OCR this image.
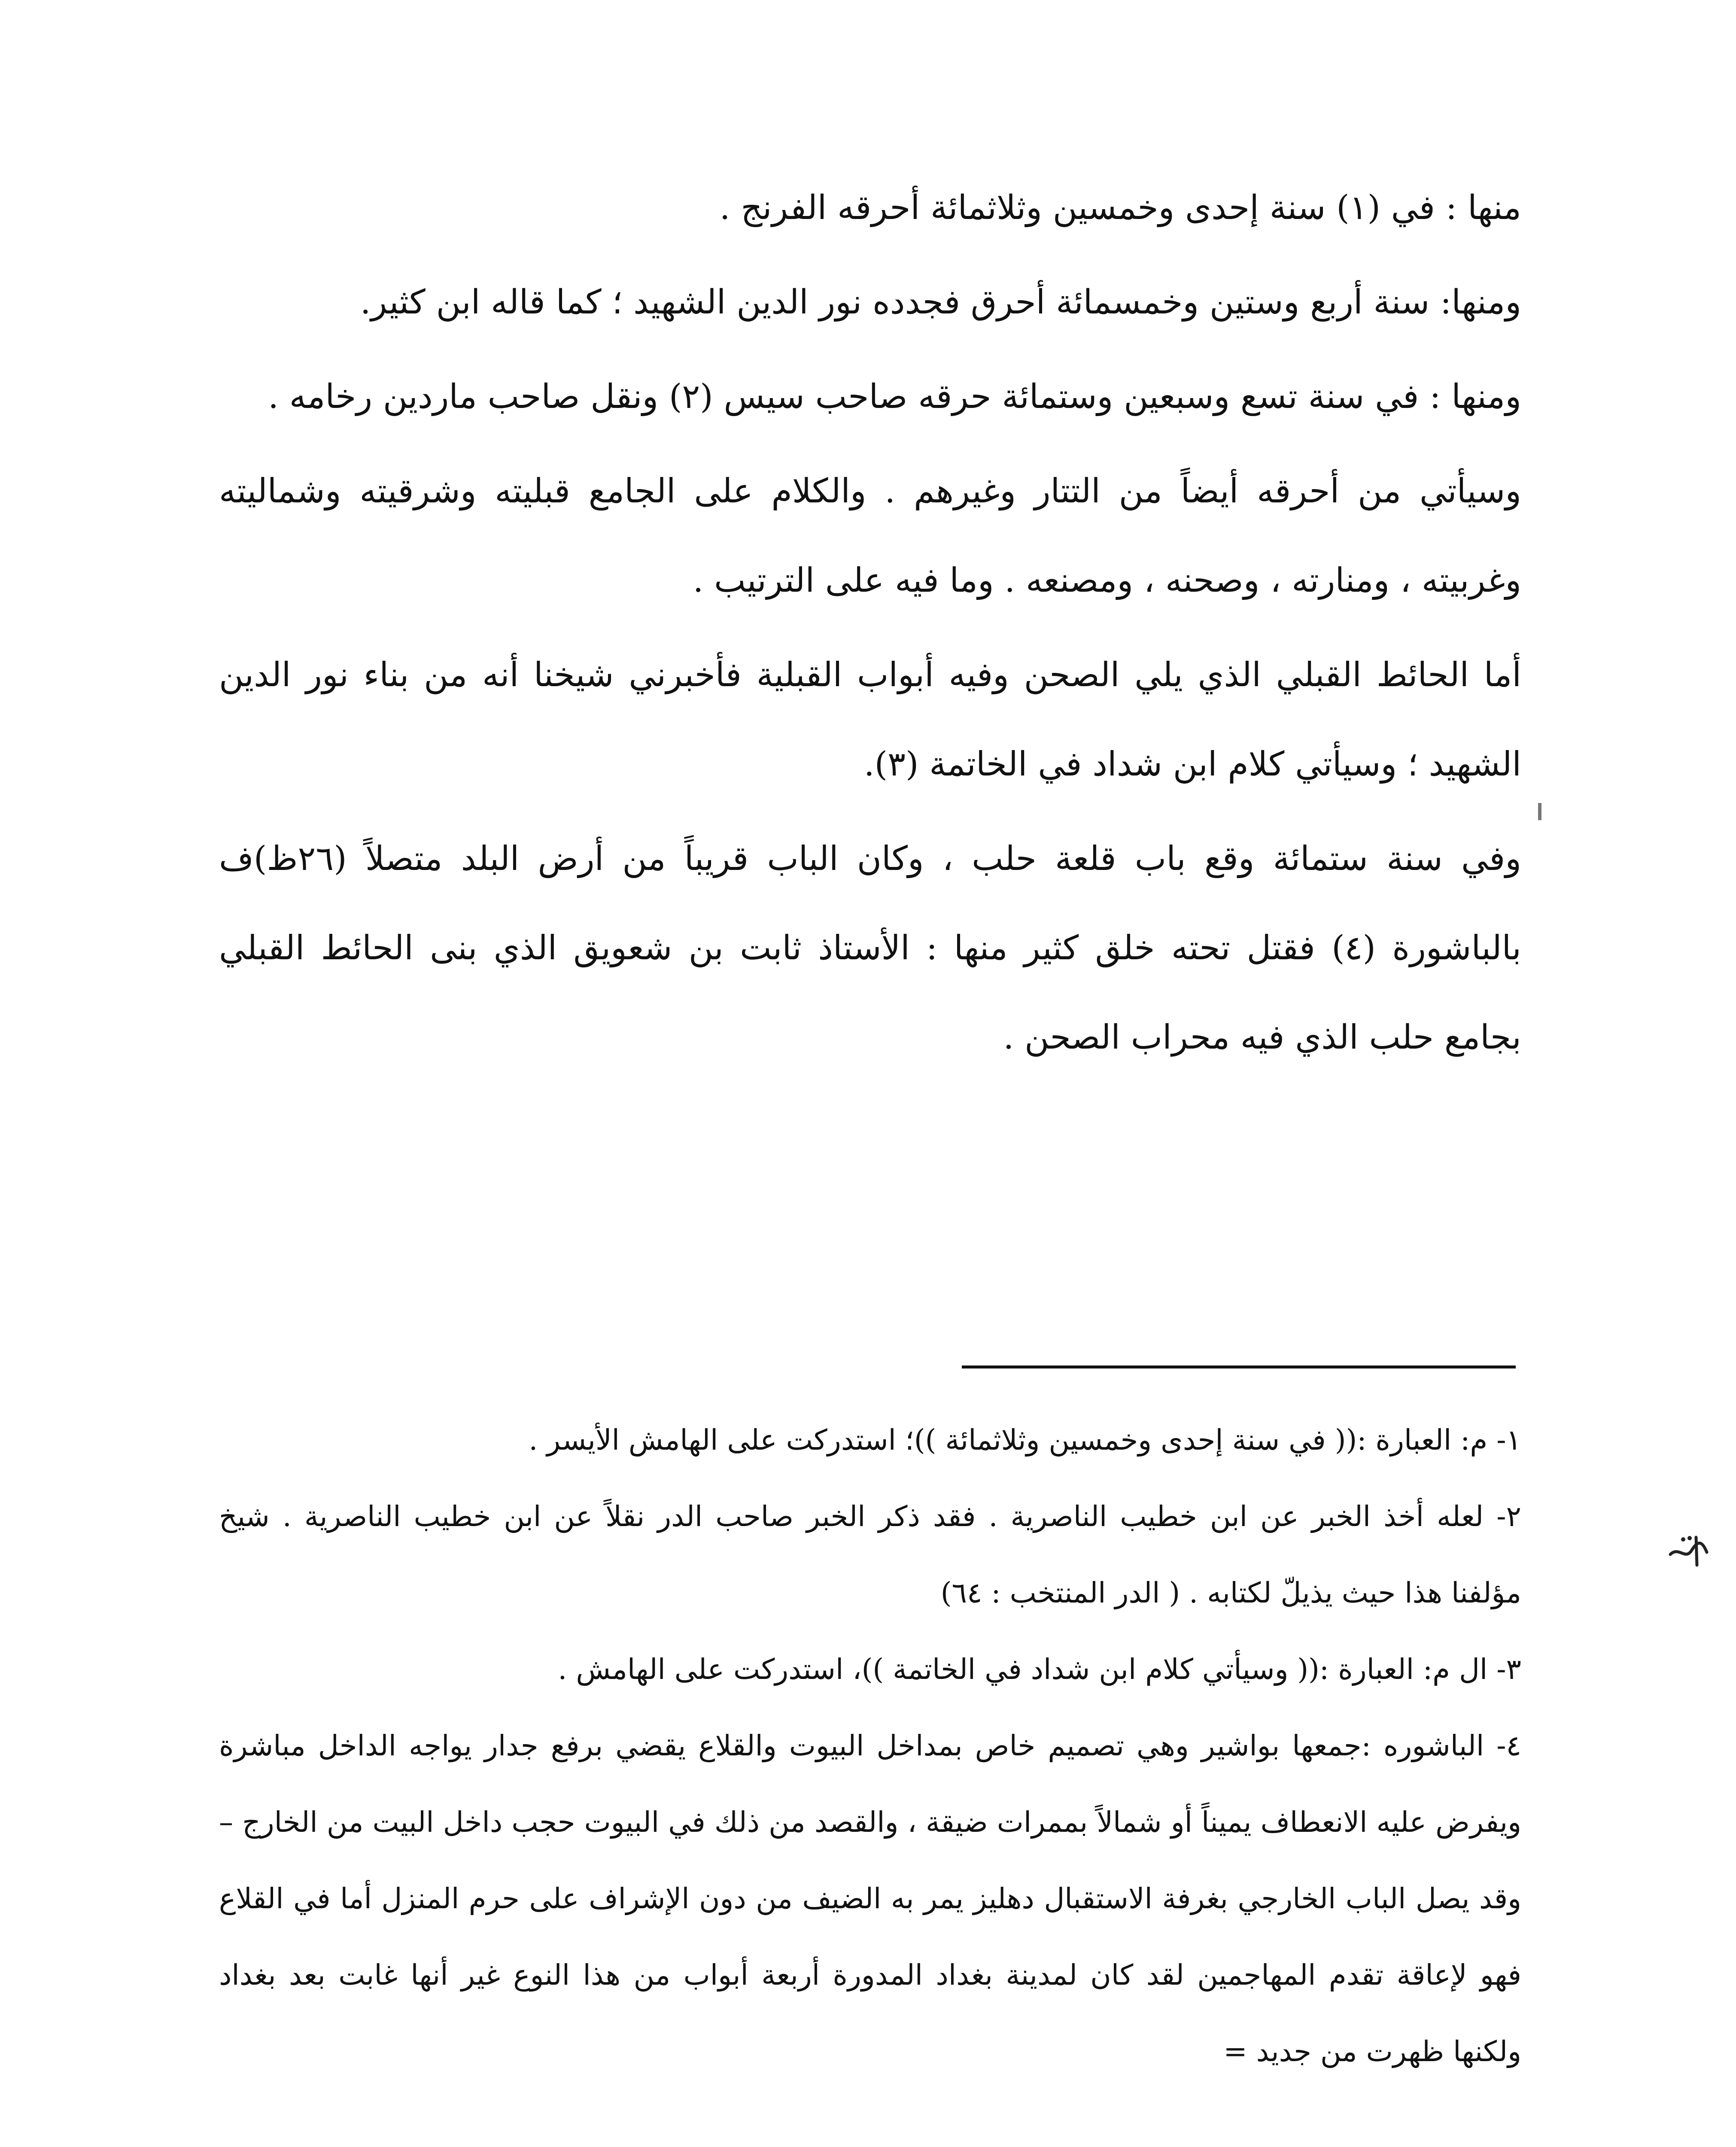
منها : في (١) سنة إحدى وخمسين وثلاثمائة أحرقه الفرنج .

ومنها: سنة أربع وستين وخمسمائة أحرق فجدده نور الدين الشهيد ؛ كما قاله ابن كثير.

ومنها : في سنة تسع وسبعين وستمائة حرقه صاحب سيس (٢) ونقل صاحب ماردين رخامه .

وسيأتي من أحرقه أيضاً من التتار وغيرهم . والكلام على الجامع قبليته وشرقيته وشماليته وغربيته ، ومنارته ، وصحنه ، ومصنعه . وما فيه على الترتيب .

أما الحائط القبلي الذي يلي الصحن وفيه أبواب القبلية فأخبرني شيخنا أنه من بناء نور الدين الشهيد ؛ وسيأتي كلام ابن شداد في الخاتمة (٣).

وفي سنة ستمائة وقع باب قلعة حلب ، وكان الباب قريباً من أرض البلد متصلاً (٢٦ظ)ف بالباشورة (٤) فقتل تحته خلق كثير منها : الأستاذ ثابت بن شعويق الذي بنى الحائط القبلي بجامع حلب الذي فيه محراب الصحن .

١- م: العبارة :(( في سنة إحدى وخمسين وثلاثمائة ))؛ استدركت على الهامش الأيسر .

٢- لعله أخذ الخبر عن ابن خطيب الناصرية . فقد ذكر الخبر صاحب الدر نقلاً عن ابن خطيب الناصرية . شيخ مؤلفنا هذا حيث يذيلّ لكتابه . ( الدر المنتخب : ٦٤)

٣- ال م: العبارة :(( وسيأتي كلام ابن شداد في الخاتمة ))، استدركت على الهامش .

٤- الباشوره :جمعها بواشير وهي تصميم خاص بمداخل البيوت والقلاع يقضي برفع جدار يواجه الداخل مباشرة ويفرض عليه الانعطاف يميناً أو شمالاً بممرات ضيقة ، والقصد من ذلك في البيوت حجب داخل البيت من الخارج – وقد يصل الباب الخارجي بغرفة الاستقبال دهليز يمر به الضيف من دون الإشراف على حرم المنزل أما في القلاع فهو لإعاقة تقدم المهاجمين لقد كان لمدينة بغداد المدورة أربعة أبواب من هذا النوع غير أنها غابت بعد بغداد ولكنها ظهرت من جديد =
